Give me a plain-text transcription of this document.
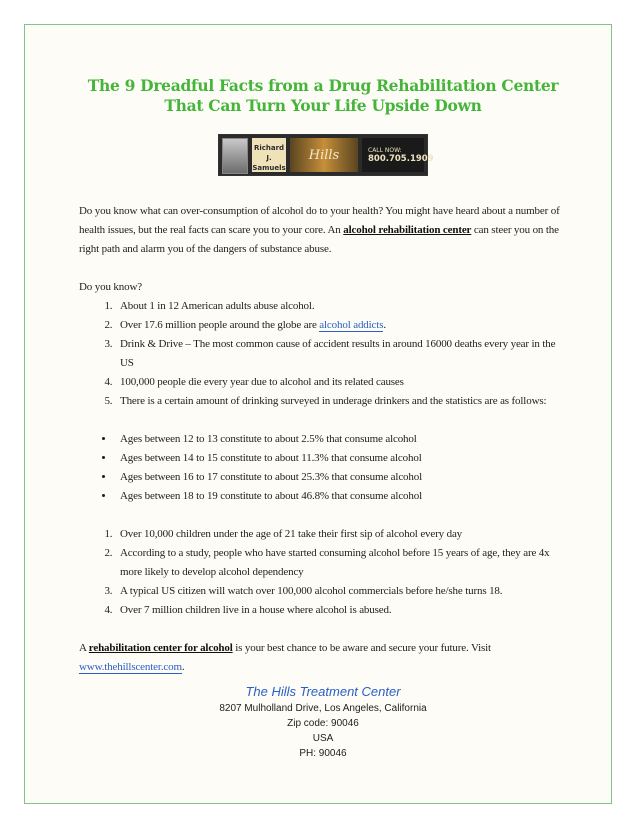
The 9 Dreadful Facts from a Drug Rehabilitation Center That Can Turn Your Life Upside Down
Richard J. Samuels
Hills	CALL NOW:
800.705.1909

Do you know what can over-consumption of alcohol do to your health? You might have heard about a number of health issues, but the real facts can scare you to your core. An alcohol rehabilitation center can steer you on the right path and alarm you of the dangers of substance abuse.

Do you know?

1. About 1 in 12 American adults abuse alcohol.
2. Over 17.6 million people around the globe are alcohol addicts.
3. Drink & Drive – The most common cause of accident results in around 16000 deaths every year in the US
4. 100,000 people die every year due to alcohol and its related causes
5. There is a certain amount of drinking surveyed in underage drinkers and the statistics are as follows:
• Ages between 12 to 13 constitute to about 2.5% that consume alcohol
• Ages between 14 to 15 constitute to about 11.3% that consume alcohol
• Ages between 16 to 17 constitute to about 25.3% that consume alcohol
• Ages between 18 to 19 constitute to about 46.8% that consume alcohol
1. Over 10,000 children under the age of 21 take their first sip of alcohol every day
2. According to a study, people who have started consuming alcohol before 15 years of age, they are 4x more likely to develop alcohol dependency
3. A typical US citizen will watch over 100,000 alcohol commercials before he/she turns 18.
4. Over 7 million children live in a house where alcohol is abused.

A rehabilitation center for alcohol is your best chance to be aware and secure your future. Visit www.thehillscenter.com.

The Hills Treatment Center
8207 Mulholland Drive, Los Angeles, California
Zip code: 90046
USA
PH: 90046
